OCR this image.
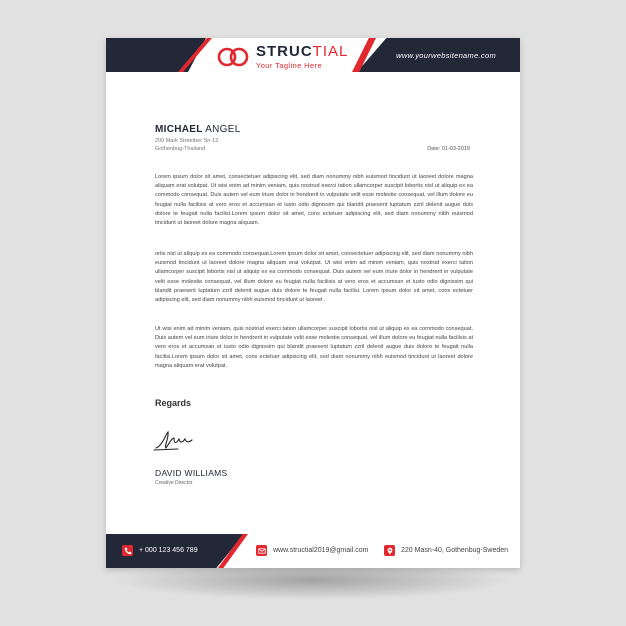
www.yourwebsitename.com
STRUCTIAL
Your Tagline Here
MICHAEL ANGEL
200 Mark Streetber Sn-12
Gothenbug-Thailand	Date: 01-03-2019

Lorem ipsum dolor sit amet, consectetuer adipiscing elit, sed diam nonummy nibh euismod tincidunt ut laoreet dolore magna aliquam erat volutpat. Ut wisi enim ad minim veniam, quis nostrud exerci tation ullamcorper suscipit lobortis nisl ut aliquip ex ea commodo consequat. Duis autem vel eum iriure dolor in hendrerit in vulputate velit esse molestie consequat, vel illum dolore eu feugiat nulla facilisis at vero eros et accumsan et iusto odio dignissim qui blandit praesent luptatum zzril delenit augue duis dolore te feugait nulla facilisi.Lorem ipsum dolor sit amet, cons ectetuer adipiscing elit, sed diam nonummy nibh euismod tincidunt ut laoreet dolore magna aliquam.

ortis nisl ut aliquip ex ea commodo consequat.Lorem ipsum dolor sit amet, consectetuer adipiscing elit, sed diam nonummy nibh euismod tincidunt ut laoreet dolore magna aliquam erat volutpat. Ut wisi enim ad minim veniam, quis nostrud exerci tation ullamcorper suscipit lobortis nisl ut aliquip ex ea commodo consequat. Duis autem vel eum iriure dolor in hendrerit in vulputate velit esse molestie consequat, vel illum dolore eu feugiat nulla facilisis at vero eros et accumsan et iusto odio dignissim qui blandit praesent luptatum zzril delenit augue duis dolore te feugait nulla facilisi. Lorem ipsum dolor sit amet, cons ectetuer adipiscing elit, sed diam nonummy nibh euismod tincidunt ut laoreet .

Ut wisi enim ad minim veniam, quis nostrud exerci tation ullamcorper suscipit lobortis nisl ut aliquip ex ea commodo consequat. Duis autem vel eum iriure dolor in hendrerit in vulputate velit esse molestie consequat, vel illum dolore eu feugiat nulla facilisis at vero eros et accumsan et iusto odio dignissim qui blandit praesent luptatum zzril delenit augue duis dolore te feugait nulla facilisi.Lorem ipsum dolor sit amet, cons ectetuer adipiscing elit, sed diam nonummy nibh euismod tincidunt ut laoreet dolore magna aliquam erat volutpat.

Regards
DAVID WILLIAMS
Creative Director
+ 000 123 456 789	www.structial2019@gmail.com	220 Masn-40, Gothenbug-Sweden
